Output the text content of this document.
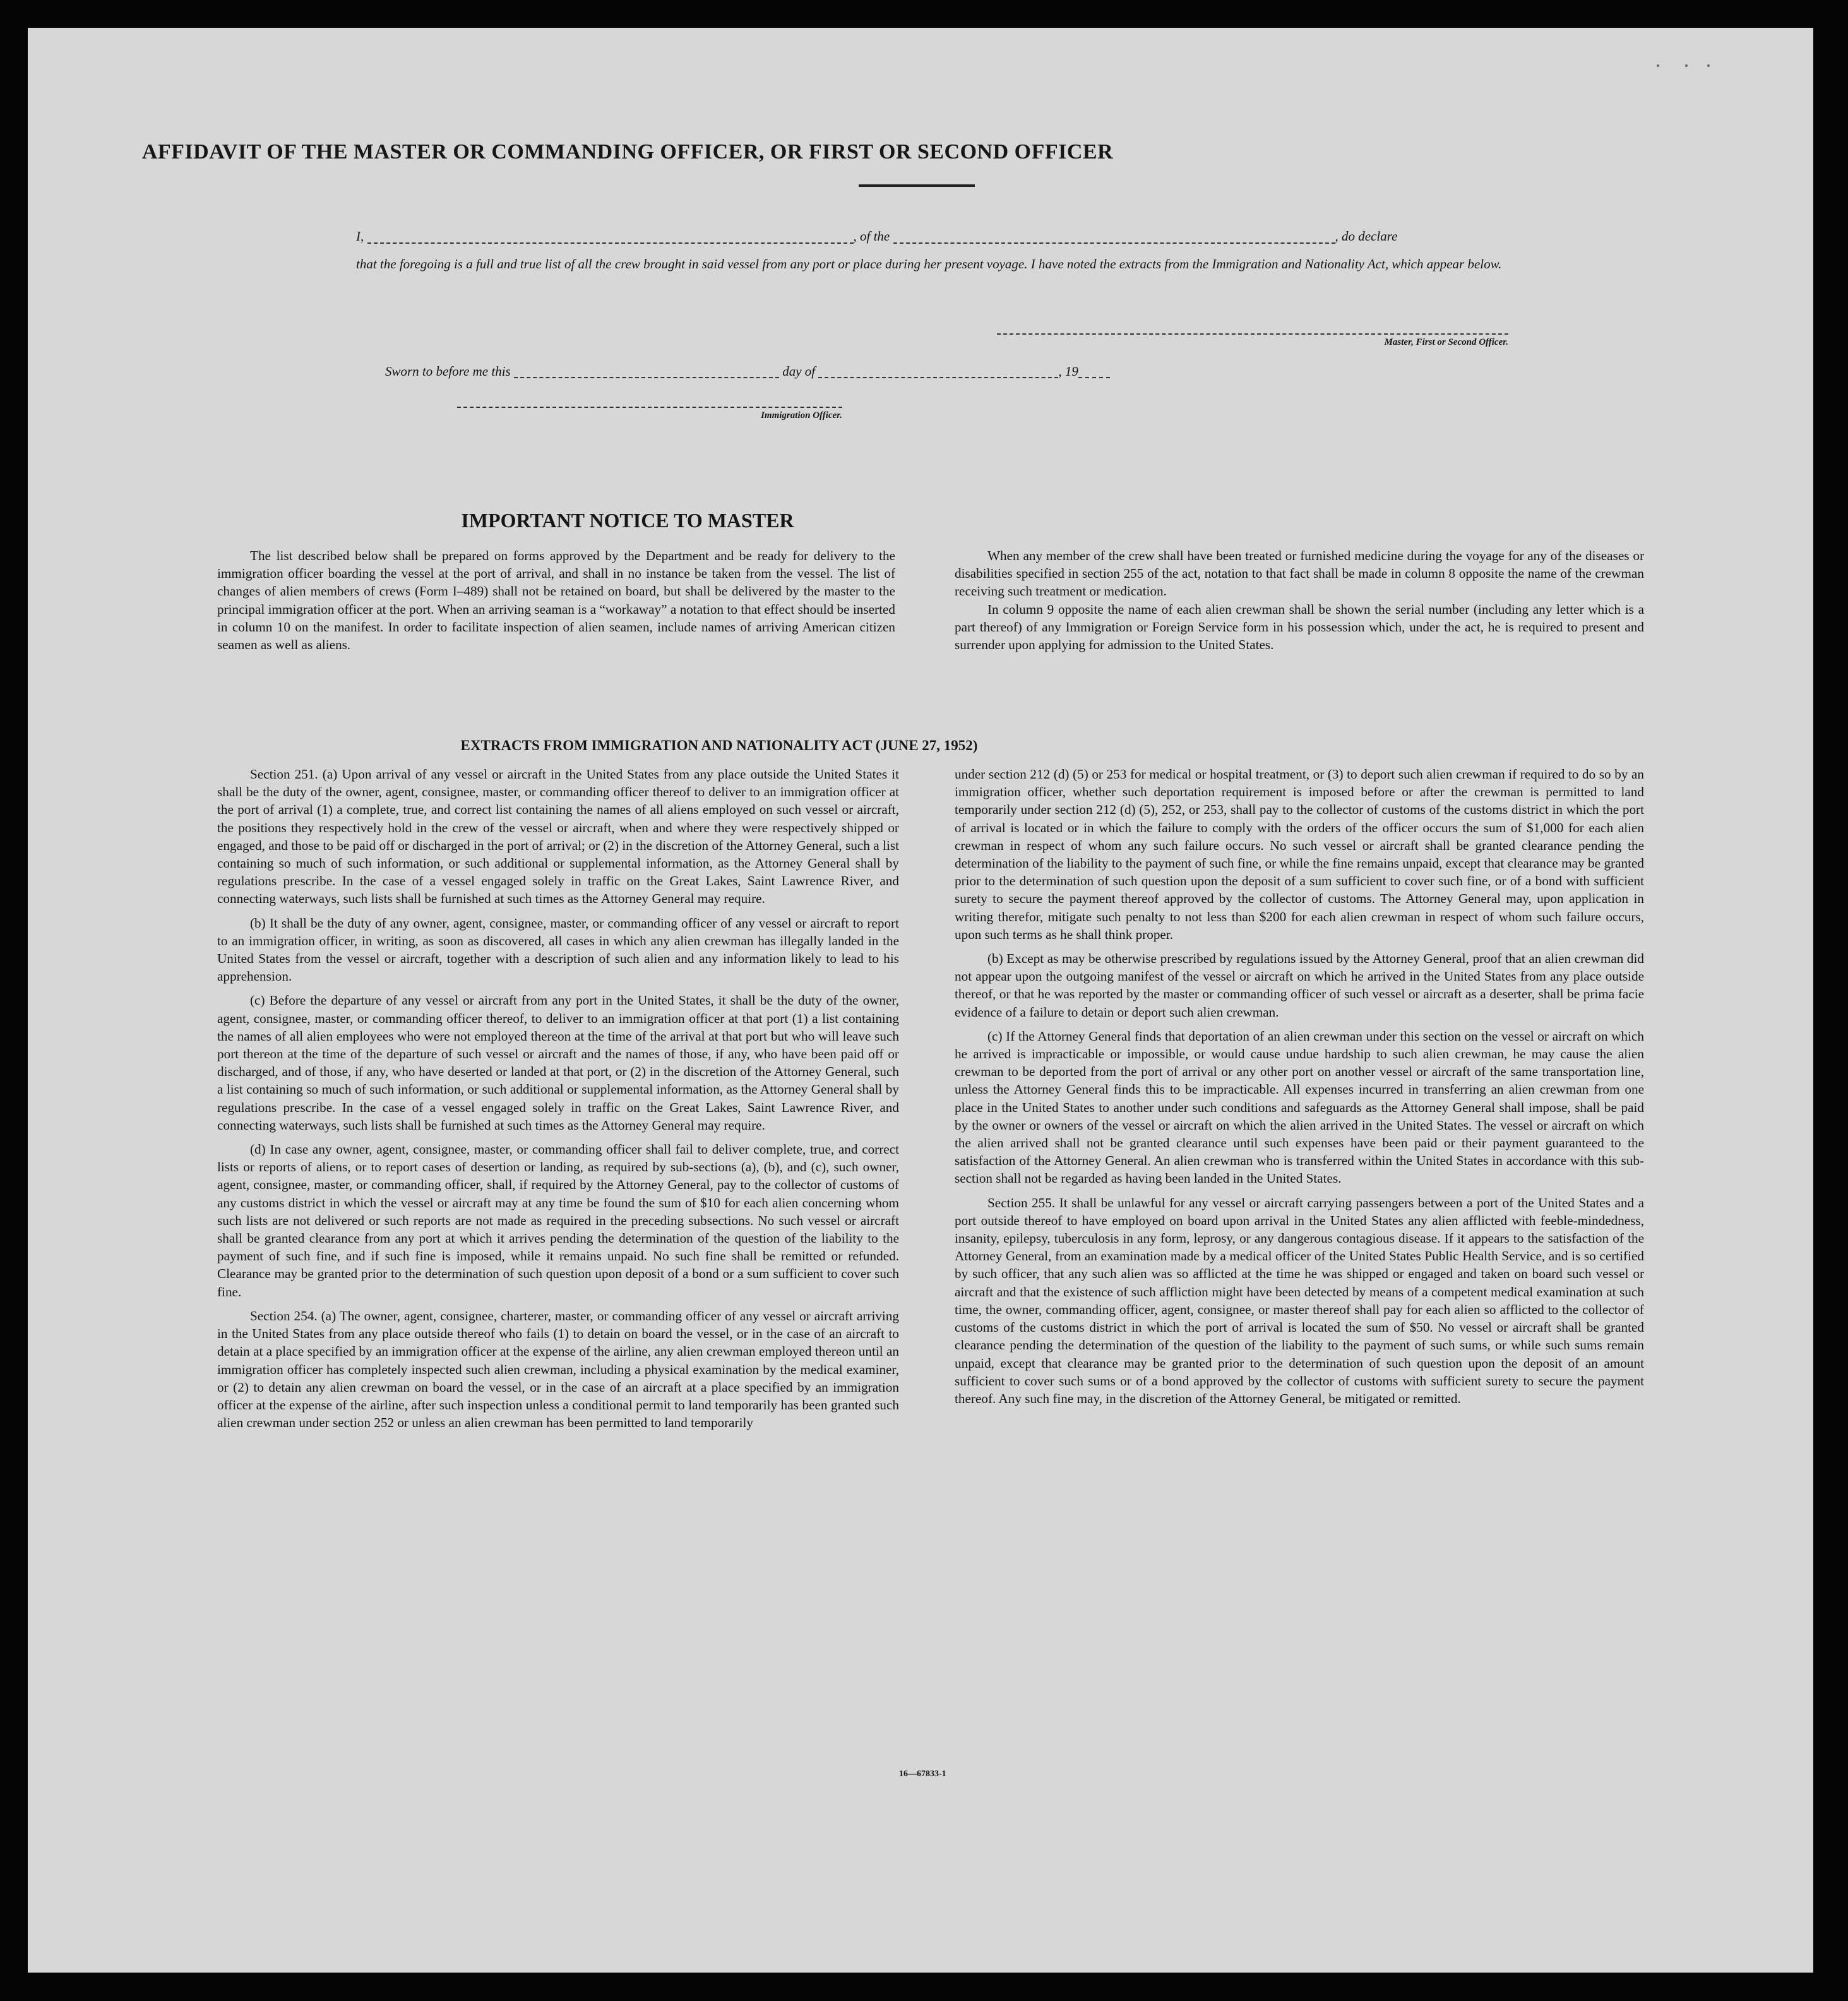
AFFIDAVIT OF THE MASTER OR COMMANDING OFFICER, OR FIRST OR SECOND OFFICER
I,	, of the	, do declare
that the foregoing is a full and true list of all the crew brought in said vessel from any port or place during her present voyage. I have noted the extracts from the Immigration and Nationality Act, which appear below.
Master, First or Second Officer.
Sworn to before me this	day of	, 19
Immigration Officer.
IMPORTANT NOTICE TO MASTER

The list described below shall be prepared on forms approved by the Department and be ready for delivery to the immigration officer boarding the vessel at the port of arrival, and shall in no instance be taken from the vessel. The list of changes of alien members of crews (Form I–489) shall not be retained on board, but shall be delivered by the master to the principal immigration officer at the port. When an arriving seaman is a “workaway” a notation to that effect should be inserted in column 10 on the manifest. In order to facilitate inspection of alien seamen, include names of arriving American citizen seamen as well as aliens.

When any member of the crew shall have been treated or furnished medicine during the voyage for any of the diseases or disabilities specified in section 255 of the act, notation to that fact shall be made in column 8 opposite the name of the crewman receiving such treatment or medication.

In column 9 opposite the name of each alien crewman shall be shown the serial number (including any letter which is a part thereof) of any Immigration or Foreign Service form in his possession which, under the act, he is required to present and surrender upon applying for admission to the United States.

EXTRACTS FROM IMMIGRATION AND NATIONALITY ACT (JUNE 27, 1952)

Section 251. (a) Upon arrival of any vessel or aircraft in the United States from any place outside the United States it shall be the duty of the owner, agent, consignee, master, or commanding officer thereof to deliver to an immigration officer at the port of arrival (1) a complete, true, and correct list containing the names of all aliens employed on such vessel or aircraft, the positions they respectively hold in the crew of the vessel or aircraft, when and where they were respectively shipped or engaged, and those to be paid off or discharged in the port of arrival; or (2) in the discretion of the Attorney General, such a list containing so much of such information, or such additional or supplemental information, as the Attorney General shall by regulations prescribe. In the case of a vessel engaged solely in traffic on the Great Lakes, Saint Lawrence River, and connecting waterways, such lists shall be furnished at such times as the Attorney General may require.

(b) It shall be the duty of any owner, agent, consignee, master, or commanding officer of any vessel or aircraft to report to an immigration officer, in writing, as soon as discovered, all cases in which any alien crewman has illegally landed in the United States from the vessel or aircraft, together with a description of such alien and any information likely to lead to his apprehension.

(c) Before the departure of any vessel or aircraft from any port in the United States, it shall be the duty of the owner, agent, consignee, master, or commanding officer thereof, to deliver to an immigration officer at that port (1) a list containing the names of all alien employees who were not employed thereon at the time of the arrival at that port but who will leave such port thereon at the time of the departure of such vessel or aircraft and the names of those, if any, who have been paid off or discharged, and of those, if any, who have deserted or landed at that port, or (2) in the discretion of the Attorney General, such a list containing so much of such information, or such additional or supplemental information, as the Attorney General shall by regulations prescribe. In the case of a vessel engaged solely in traffic on the Great Lakes, Saint Lawrence River, and connecting waterways, such lists shall be furnished at such times as the Attorney General may require.

(d) In case any owner, agent, consignee, master, or commanding officer shall fail to deliver complete, true, and correct lists or reports of aliens, or to report cases of desertion or landing, as required by sub-sections (a), (b), and (c), such owner, agent, consignee, master, or commanding officer, shall, if required by the Attorney General, pay to the collector of customs of any customs district in which the vessel or aircraft may at any time be found the sum of $10 for each alien concerning whom such lists are not delivered or such reports are not made as required in the preceding subsections. No such vessel or aircraft shall be granted clearance from any port at which it arrives pending the determination of the question of the liability to the payment of such fine, and if such fine is imposed, while it remains unpaid. No such fine shall be remitted or refunded. Clearance may be granted prior to the determination of such question upon deposit of a bond or a sum sufficient to cover such fine.

Section 254. (a) The owner, agent, consignee, charterer, master, or commanding officer of any vessel or aircraft arriving in the United States from any place outside thereof who fails (1) to detain on board the vessel, or in the case of an aircraft to detain at a place specified by an immigration officer at the expense of the airline, any alien crewman employed thereon until an immigration officer has completely inspected such alien crewman, including a physical examination by the medical examiner, or (2) to detain any alien crewman on board the vessel, or in the case of an aircraft at a place specified by an immigration officer at the expense of the airline, after such inspection unless a conditional permit to land temporarily has been granted such alien crewman under section 252 or unless an alien crewman has been permitted to land temporarily

under section 212 (d) (5) or 253 for medical or hospital treatment, or (3) to deport such alien crewman if required to do so by an immigration officer, whether such deportation requirement is imposed before or after the crewman is permitted to land temporarily under section 212 (d) (5), 252, or 253, shall pay to the collector of customs of the customs district in which the port of arrival is located or in which the failure to comply with the orders of the officer occurs the sum of $1,000 for each alien crewman in respect of whom any such failure occurs. No such vessel or aircraft shall be granted clearance pending the determination of the liability to the payment of such fine, or while the fine remains unpaid, except that clearance may be granted prior to the determination of such question upon the deposit of a sum sufficient to cover such fine, or of a bond with sufficient surety to secure the payment thereof approved by the collector of customs. The Attorney General may, upon application in writing therefor, mitigate such penalty to not less than $200 for each alien crewman in respect of whom such failure occurs, upon such terms as he shall think proper.

(b) Except as may be otherwise prescribed by regulations issued by the Attorney General, proof that an alien crewman did not appear upon the outgoing manifest of the vessel or aircraft on which he arrived in the United States from any place outside thereof, or that he was reported by the master or commanding officer of such vessel or aircraft as a deserter, shall be prima facie evidence of a failure to detain or deport such alien crewman.

(c) If the Attorney General finds that deportation of an alien crewman under this section on the vessel or aircraft on which he arrived is impracticable or impossible, or would cause undue hardship to such alien crewman, he may cause the alien crewman to be deported from the port of arrival or any other port on another vessel or aircraft of the same transportation line, unless the Attorney General finds this to be impracticable. All expenses incurred in transferring an alien crewman from one place in the United States to another under such conditions and safeguards as the Attorney General shall impose, shall be paid by the owner or owners of the vessel or aircraft on which the alien arrived in the United States. The vessel or aircraft on which the alien arrived shall not be granted clearance until such expenses have been paid or their payment guaranteed to the satisfaction of the Attorney General. An alien crewman who is transferred within the United States in accordance with this sub-section shall not be regarded as having been landed in the United States.

Section 255. It shall be unlawful for any vessel or aircraft carrying passengers between a port of the United States and a port outside thereof to have employed on board upon arrival in the United States any alien afflicted with feeble-mindedness, insanity, epilepsy, tuberculosis in any form, leprosy, or any dangerous contagious disease. If it appears to the satisfaction of the Attorney General, from an examination made by a medical officer of the United States Public Health Service, and is so certified by such officer, that any such alien was so afflicted at the time he was shipped or engaged and taken on board such vessel or aircraft and that the existence of such affliction might have been detected by means of a competent medical examination at such time, the owner, commanding officer, agent, consignee, or master thereof shall pay for each alien so afflicted to the collector of customs of the customs district in which the port of arrival is located the sum of $50. No vessel or aircraft shall be granted clearance pending the determination of the question of the liability to the payment of such sums, or while such sums remain unpaid, except that clearance may be granted prior to the determination of such question upon the deposit of an amount sufficient to cover such sums or of a bond approved by the collector of customs with sufficient surety to secure the payment thereof. Any such fine may, in the discretion of the Attorney General, be mitigated or remitted.

16—67833-1
